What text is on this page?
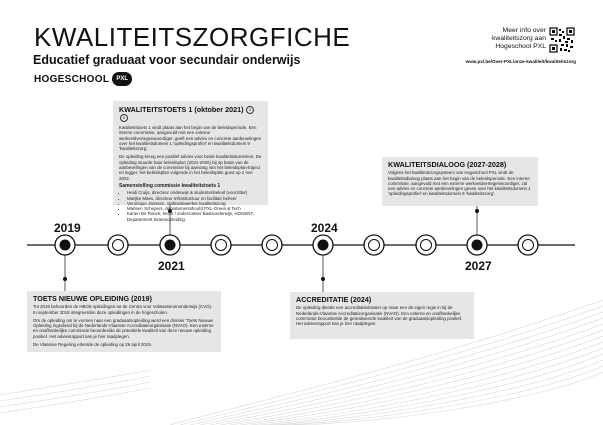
KWALITEITSZORGFICHE
Educatief graduaat voor secundair onderwijs
HOGESCHOOL	PXL
Meer info over kwaliteitszorg aan Hogeschool PXL
www.pxl.be/Over-PXL/onze-kwaliteit/kwaliteitszorg
2019
2021
2024
2027
KWALITEITSTOETS 1 (oktober 2021) ♭♭

Kwaliteitstoets 1 vindt plaats aan het begin van de beleidsperiode. Een interne commissie, aangevuld met een externe werkveldvertegenwoordiger, geeft een advies en concrete aanbevelingen over het kwaliteitsdomein 1 'opleidingsprofiel' en kwaliteitsdomein 9 'kwaliteitszorg'.

De opleiding kreeg een positief advies voor beide kwaliteitsdomeinen. De opleiding stuurde haar beleidsplan (2021-2026) bij op basis van de aanbevelingen van de commissie bij aanvang van het beleidsplan-traject en legger. het beleidsplan volgende in het beleidsplan goed op 2 mei 2022.

Samenstelling commissie kwaliteitstoets 1
• Heidi Cruijs, directeur onderwijs & studentenbeleid (voorzitter)
• Marijke Maes, directeur Infrastructuur en facilitair beheer
• Veronique Janssen, stafmedewerker kwaliteitszorg
• Marleen Schepers, departementshoofd PXL-Green & Tech
• Karien De Roeck, lector / onderzoeker Basisonderwijs, HOGENT, Departement lerarenopleiding
KWALITEITSDIALOOG (2027-2028)

Volgens het kwaliteitszorgsysteem van Hogeschool PXL vindt de kwaliteitsdialoog plaats aan het begin van de beleidsperiode. Een interne commissie, aangevuld met een externe werkveldvertegenwoordiger, zal een advies en concrete aanbevelingen geven over het kwaliteitsdomein 1 'opleidingsprofiel' en kwaliteitsdomein 9 'kwaliteitszorg'.

TOETS NIEUWE OPLEIDING (2019)

Tot 2019 behoorden de HBO5-opleidingen tot de Centra voor Volwassenenonderwijs (CVO). In september 2019 integreerden deze opleidingen in de hogescholen.

Om de opleiding om te vormen naar een graduaatsopleiding werd een dossier 'Toets Nieuwe Opleiding ingediend bij de Nederlands-Vlaamse Accreditatieorganisatie (NVAO). Een externe en onafhankelijke commissie beoordeelde de potentiële kwaliteit van deze nieuwe opleiding positief. Het adviesrapport kan je hier raadplegen.

De Vlaamse Regering erkende de opleiding op 26 april 2019.

ACCREDITATIE (2024)

De opleiding diende een accreditatiedossier op maar een de eigen regie in bij de Nederlands-Vlaamse Accreditatieorganisatie (NVAO). Een externe en onafhankelijke commissie beoordeelde de gerealiseerde kwaliteit van de graduaatsopleiding positief. Het adviesrapport kan je hier raadplegen.
